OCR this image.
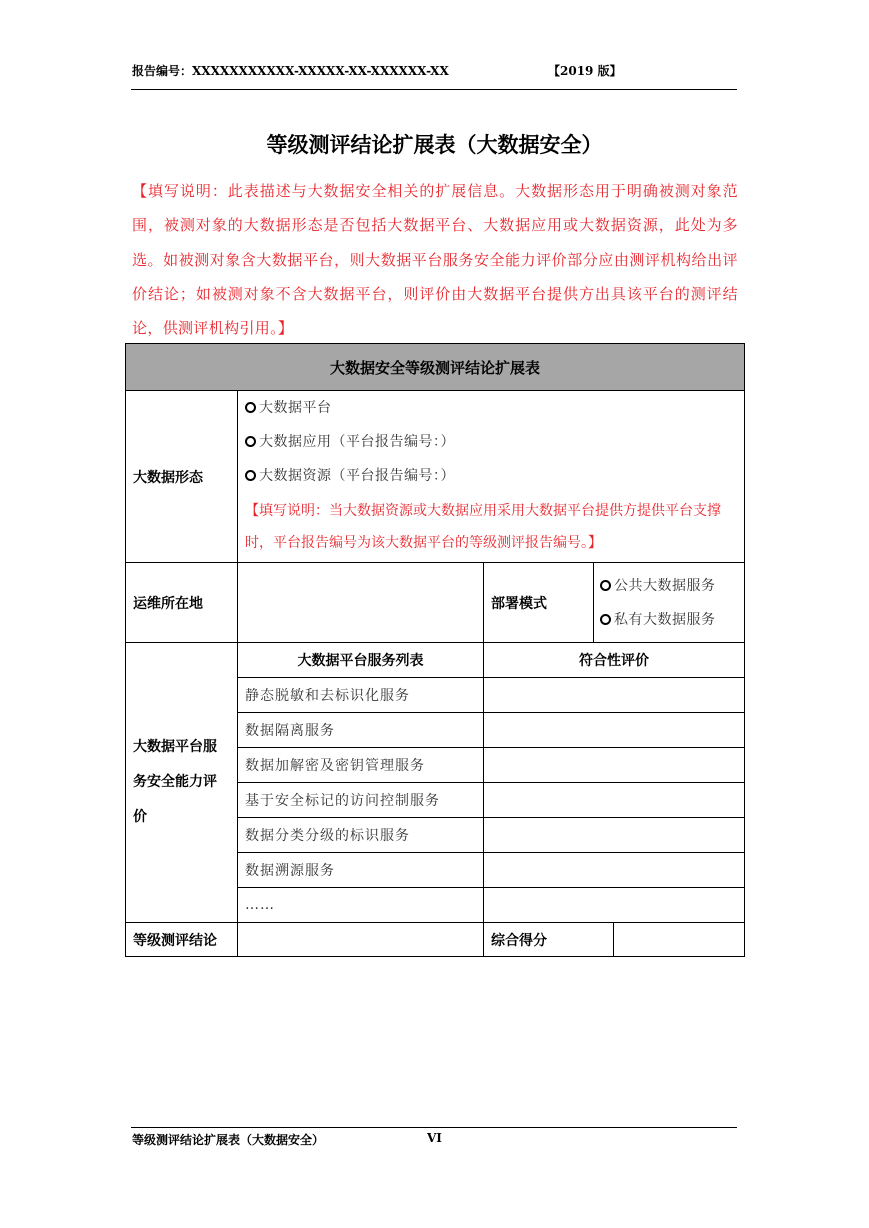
报告编号：XXXXXXXXXXX-XXXXX-XX-XXXXXX-XX	【2019 版】
等级测评结论扩展表（大数据安全）
【填写说明：此表描述与大数据安全相关的扩展信息。大数据形态用于明确被测对象范围，被测对象的大数据形态是否包括大数据平台、大数据应用或大数据资源，此处为多选。如被测对象含大数据平台，则大数据平台服务安全能力评价部分应由测评机构给出评价结论；如被测对象不含大数据平台，则评价由大数据平台提供方出具该平台的测评结论，供测评机构引用。】
大数据安全等级测评结论扩展表				
大数据形态	大数据平台
大数据应用（平台报告编号：）
大数据资源（平台报告编号：）
【填写说明：当大数据资源或大数据应用采用大数据平台提供方提供平台支撑时，平台报告编号为该大数据平台的等级测评报告编号。】			

运维所在地		部署模式	公共大数据服务
私有大数据服务	

大数据平台服务安全能力评价	大数据平台服务列表	符合性评价		
	静态脱敏和去标识化服务			
	数据隔离服务			
	数据加解密及密钥管理服务			
	基于安全标记的访问控制服务			
	数据分类分级的标识服务			
	数据溯源服务			
	……			
等级测评结论		综合得分		
等级测评结论扩展表（大数据安全）	VI
